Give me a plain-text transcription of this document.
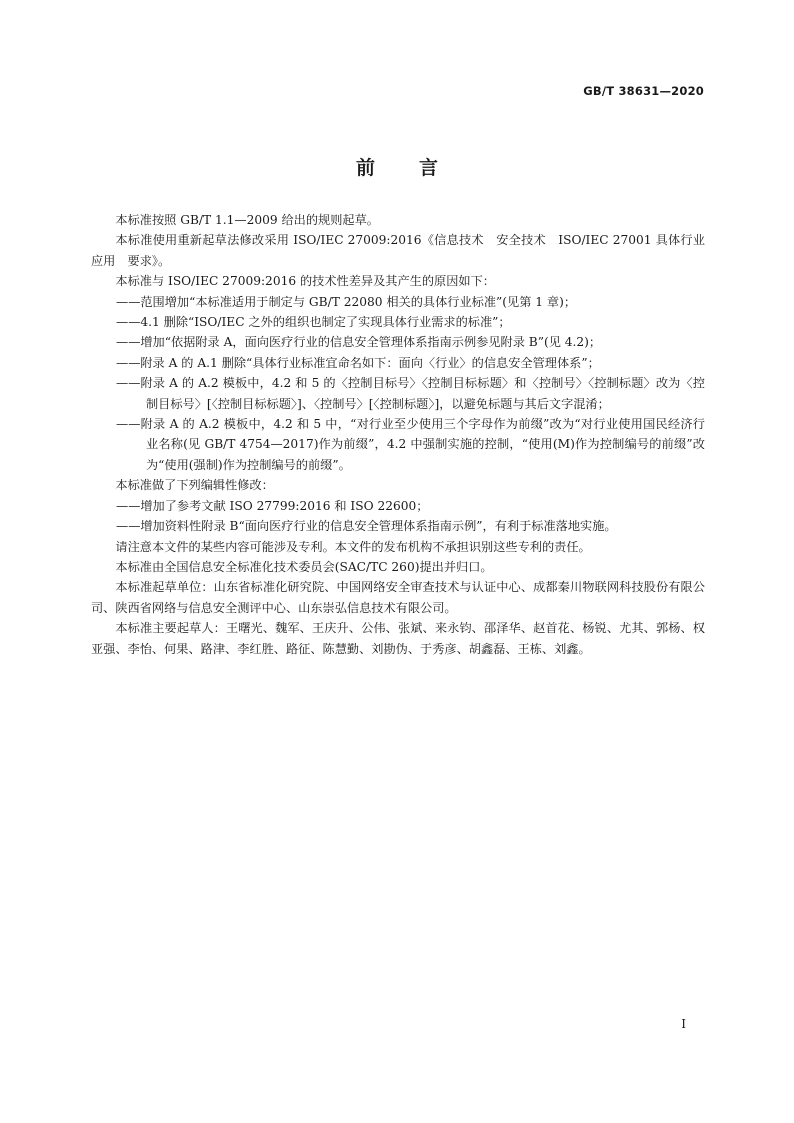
GB/T 38631—2020
前言

本标准按照 GB/T 1.1—2009 给出的规则起草。

本标准使用重新起草法修改采用 ISO/IEC 27009:2016《信息技术　安全技术　ISO/IEC 27001 具体行业应用　要求》。

本标准与 ISO/IEC 27009:2016 的技术性差异及其产生的原因如下：

——范围增加“本标准适用于制定与 GB/T 22080 相关的具体行业标准”(见第 1 章)；

——4.1 删除“ISO/IEC 之外的组织也制定了实现具体行业需求的标准”；

——增加“依据附录 A，面向医疗行业的信息安全管理体系指南示例参见附录 B”(见 4.2)；

——附录 A 的 A.1 删除“具体行业标准宜命名如下：面向〈行业〉的信息安全管理体系”；

——附录 A 的 A.2 模板中，4.2 和 5 的〈控制目标号〉〈控制目标标题〉和〈控制号〉〈控制标题〉改为〈控制目标号〉[〈控制目标标题〉]、〈控制号〉[〈控制标题〉]，以避免标题与其后文字混淆；

——附录 A 的 A.2 模板中，4.2 和 5 中，“对行业至少使用三个字母作为前缀”改为“对行业使用国民经济行业名称(见 GB/T 4754—2017)作为前缀”，4.2 中强制实施的控制，“使用(M)作为控制编号的前缀”改为“使用(强制)作为控制编号的前缀”。

本标准做了下列编辑性修改：

——增加了参考文献 ISO 27799:2016 和 ISO 22600；

——增加资料性附录 B“面向医疗行业的信息安全管理体系指南示例”，有利于标准落地实施。

请注意本文件的某些内容可能涉及专利。本文件的发布机构不承担识别这些专利的责任。

本标准由全国信息安全标准化技术委员会(SAC/TC 260)提出并归口。

本标准起草单位：山东省标准化研究院、中国网络安全审查技术与认证中心、成都秦川物联网科技股份有限公司、陕西省网络与信息安全测评中心、山东崇弘信息技术有限公司。

本标准主要起草人：王曙光、魏军、王庆升、公伟、张斌、来永钧、邵泽华、赵首花、杨锐、尤其、郭杨、权亚强、李怡、何果、路津、李红胜、路征、陈慧勤、刘勘伪、于秀彦、胡鑫磊、王栋、刘鑫。

I
